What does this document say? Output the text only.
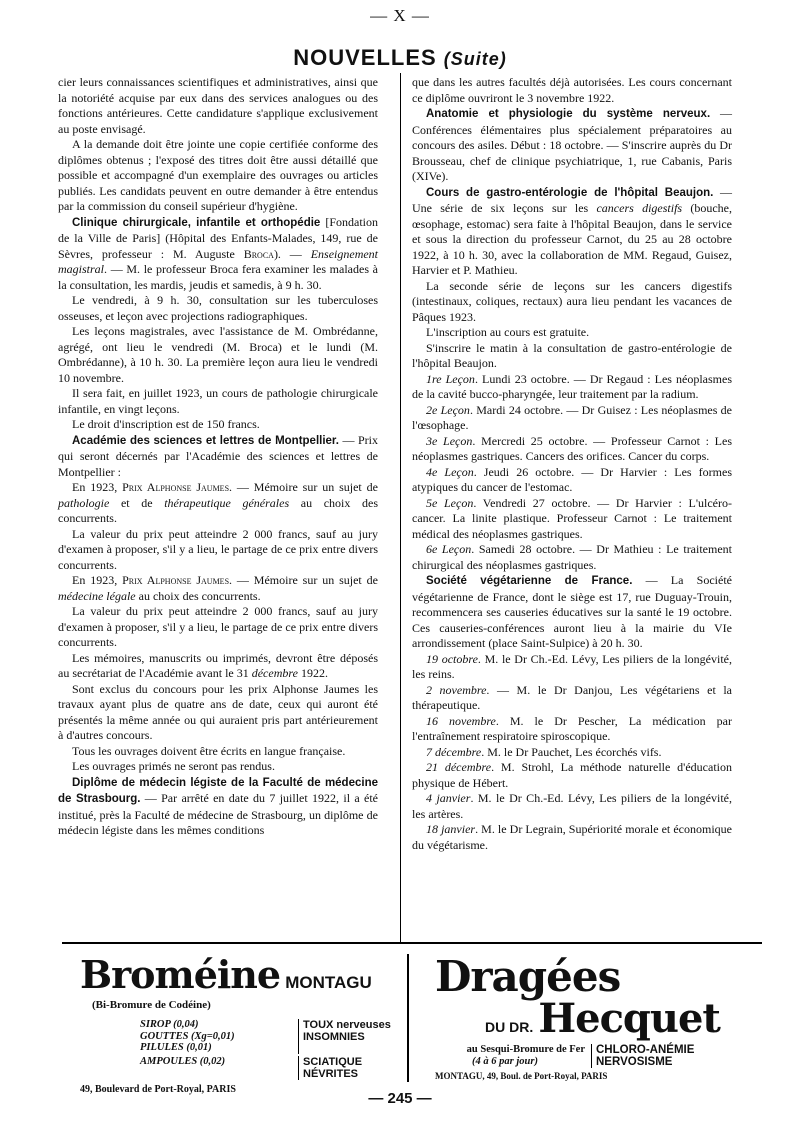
— X —
NOUVELLES (Suite)

cier leurs connaissances scientifiques et administratives, ainsi que la notoriété acquise par eux dans des services analogues ou des fonctions antérieures. Cette candidature s'applique exclusivement au poste envisagé.

A la demande doit être jointe une copie certifiée conforme des diplômes obtenus ; l'exposé des titres doit être aussi détaillé que possible et accompagné d'un exemplaire des ouvrages ou articles publiés. Les candidats peuvent en outre demander à être entendus par la commission du conseil supérieur d'hygiène.

Clinique chirurgicale, infantile et orthopédie [Fondation de la Ville de Paris] (Hôpital des Enfants-Malades, 149, rue de Sèvres, professeur : M. Auguste Broca). — Enseignement magistral. — M. le professeur Broca fera examiner les malades à la consultation, les mardis, jeudis et samedis, à 9 h. 30.

Le vendredi, à 9 h. 30, consultation sur les tuberculoses osseuses, et leçon avec projections radiographiques.

Les leçons magistrales, avec l'assistance de M. Ombrédanne, agrégé, ont lieu le vendredi (M. Broca) et le lundi (M. Ombrédanne), à 10 h. 30. La première leçon aura lieu le vendredi 10 novembre.

Il sera fait, en juillet 1923, un cours de pathologie chirurgicale infantile, en vingt leçons.

Le droit d'inscription est de 150 francs.

Académie des sciences et lettres de Montpellier. — Prix qui seront décernés par l'Académie des sciences et lettres de Montpellier :

En 1923, Prix Alphonse Jaumes. — Mémoire sur un sujet de pathologie et de thérapeutique générales au choix des concurrents.

La valeur du prix peut atteindre 2 000 francs, sauf au jury d'examen à proposer, s'il y a lieu, le partage de ce prix entre divers concurrents.

En 1923, Prix Alphonse Jaumes. — Mémoire sur un sujet de médecine légale au choix des concurrents.

La valeur du prix peut atteindre 2 000 francs, sauf au jury d'examen à proposer, s'il y a lieu, le partage de ce prix entre divers concurrents.

Les mémoires, manuscrits ou imprimés, devront être déposés au secrétariat de l'Académie avant le 31 décembre 1922.

Sont exclus du concours pour les prix Alphonse Jaumes les travaux ayant plus de quatre ans de date, ceux qui auront été présentés la même année ou qui auraient pris part antérieurement à d'autres concours.

Tous les ouvrages doivent être écrits en langue française.

Les ouvrages primés ne seront pas rendus.

Diplôme de médecin légiste de la Faculté de médecine de Strasbourg. — Par arrêté en date du 7 juillet 1922, il a été institué, près la Faculté de médecine de Strasbourg, un diplôme de médecin légiste dans les mêmes conditions

que dans les autres facultés déjà autorisées. Les cours concernant ce diplôme ouvriront le 3 novembre 1922.

Anatomie et physiologie du système nerveux. — Conférences élémentaires plus spécialement préparatoires au concours des asiles. Début : 18 octobre. — S'inscrire auprès du Dr Brousseau, chef de clinique psychiatrique, 1, rue Cabanis, Paris (XIVe).

Cours de gastro-entérologie de l'hôpital Beaujon. — Une série de six leçons sur les cancers digestifs (bouche, œsophage, estomac) sera faite à l'hôpital Beaujon, dans le service et sous la direction du professeur Carnot, du 25 au 28 octobre 1922, à 10 h. 30, avec la collaboration de MM. Regaud, Guisez, Harvier et P. Mathieu.

La seconde série de leçons sur les cancers digestifs (intestinaux, coliques, rectaux) aura lieu pendant les vacances de Pâques 1923.

L'inscription au cours est gratuite.

S'inscrire le matin à la consultation de gastro-entérologie de l'hôpital Beaujon.

1re Leçon. Lundi 23 octobre. — Dr Regaud : Les néoplasmes de la cavité bucco-pharyngée, leur traitement par la radium.

2e Leçon. Mardi 24 octobre. — Dr Guisez : Les néoplasmes de l'œsophage.

3e Leçon. Mercredi 25 octobre. — Professeur Carnot : Les néoplasmes gastriques. Cancers des orifices. Cancer du corps.

4e Leçon. Jeudi 26 octobre. — Dr Harvier : Les formes atypiques du cancer de l'estomac.

5e Leçon. Vendredi 27 octobre. — Dr Harvier : L'ulcéro-cancer. La linite plastique. Professeur Carnot : Le traitement médical des néoplasmes gastriques.

6e Leçon. Samedi 28 octobre. — Dr Mathieu : Le traitement chirurgical des néoplasmes gastriques.

Société végétarienne de France. — La Société végétarienne de France, dont le siège est 17, rue Duguay-Trouin, recommencera ses causeries éducatives sur la santé le 19 octobre. Ces causeries-conférences auront lieu à la mairie du VIe arrondissement (place Saint-Sulpice) à 20 h. 30.

19 octobre. M. le Dr Ch.-Ed. Lévy, Les piliers de la longévité, les reins.

2 novembre. — M. le Dr Danjou, Les végétariens et la thérapeutique.

16 novembre. M. le Dr Pescher, La médication par l'entraînement respiratoire spiroscopique.

7 décembre. M. le Dr Pauchet, Les écorchés vifs.

21 décembre. M. Strohl, La méthode naturelle d'éducation physique de Hébert.

4 janvier. M. le Dr Ch.-Ed. Lévy, Les piliers de la longévité, les artères.

18 janvier. M. le Dr Legrain, Supériorité morale et économique du végétarisme.

Broméine MONTAGU
(Bi-Bromure de Codéine)
SIROP (0,04)
GOUTTES (Xg=0,01)
PILULES (0,01)
TOUX nerveuses
INSOMNIES
AMPOULES (0,02)	SCIATIQUE
NÉVRITES
49, Boulevard de Port-Royal, PARIS
Dragées
DU DR. Hecquet
au Sesqui-Bromure de Fer
(4 à 6 par jour)
CHLORO-ANÉMIE
NERVOSISME
MONTAGU, 49, Boul. de Port-Royal, PARIS
— 245 —
